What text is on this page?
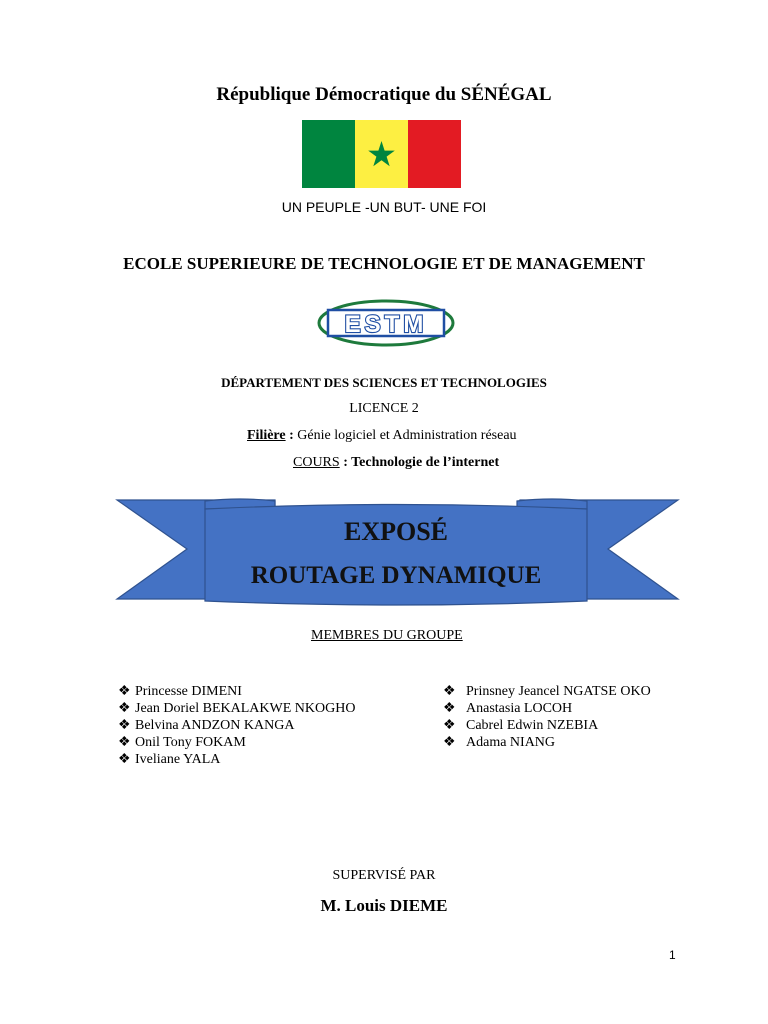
République Démocratique du SÉNÉGAL
UN PEUPLE -UN BUT- UNE FOI
ECOLE SUPERIEURE DE TECHNOLOGIE ET DE MANAGEMENT
ESTM
DÉPARTEMENT DES SCIENCES ET TECHNOLOGIES
LICENCE 2
Filière : Génie logiciel et Administration réseau
COURS : Technologie de l’internet
EXPOSÉ
ROUTAGE DYNAMIQUE
MEMBRES DU GROUPE
❖ Princesse DIMENI
❖ Jean Doriel BEKALAKWE NKOGHO
❖ Belvina ANDZON KANGA
❖ Onil Tony FOKAM
❖ Iveliane YALA
❖ Prinsney Jeancel NGATSE OKO
❖ Anastasia LOCOH
❖ Cabrel Edwin NZEBIA
❖ Adama NIANG
SUPERVISÉ PAR
M. Louis DIEME
1
